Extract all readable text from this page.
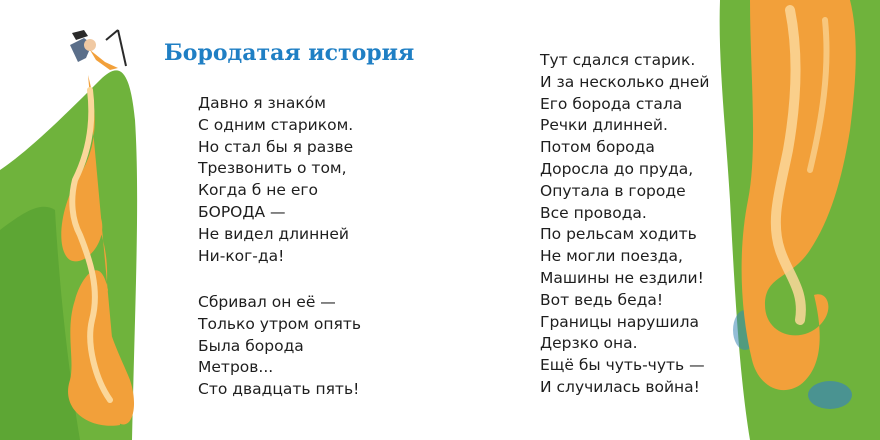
Бородатая история
Давно я знако́м
С одним стариком.
Но стал бы я разве
Трезвонить о том,
Когда б не его
БОРОДА —
Не видел длинней
Ни-ког-да!
Сбривал он её —
Только утром опять
Была борода
Метров...
Сто двадцать пять!
Тут сдался старик.
И за несколько дней
Его борода стала
Речки длинней.
Потом борода
Доросла до пруда,
Опутала в городе
Все провода.
По рельсам ходить
Не могли поезда,
Машины не ездили!
Вот ведь беда!
Границы нарушила
Дерзко она.
Ещё бы чуть-чуть —
И случилась война!
